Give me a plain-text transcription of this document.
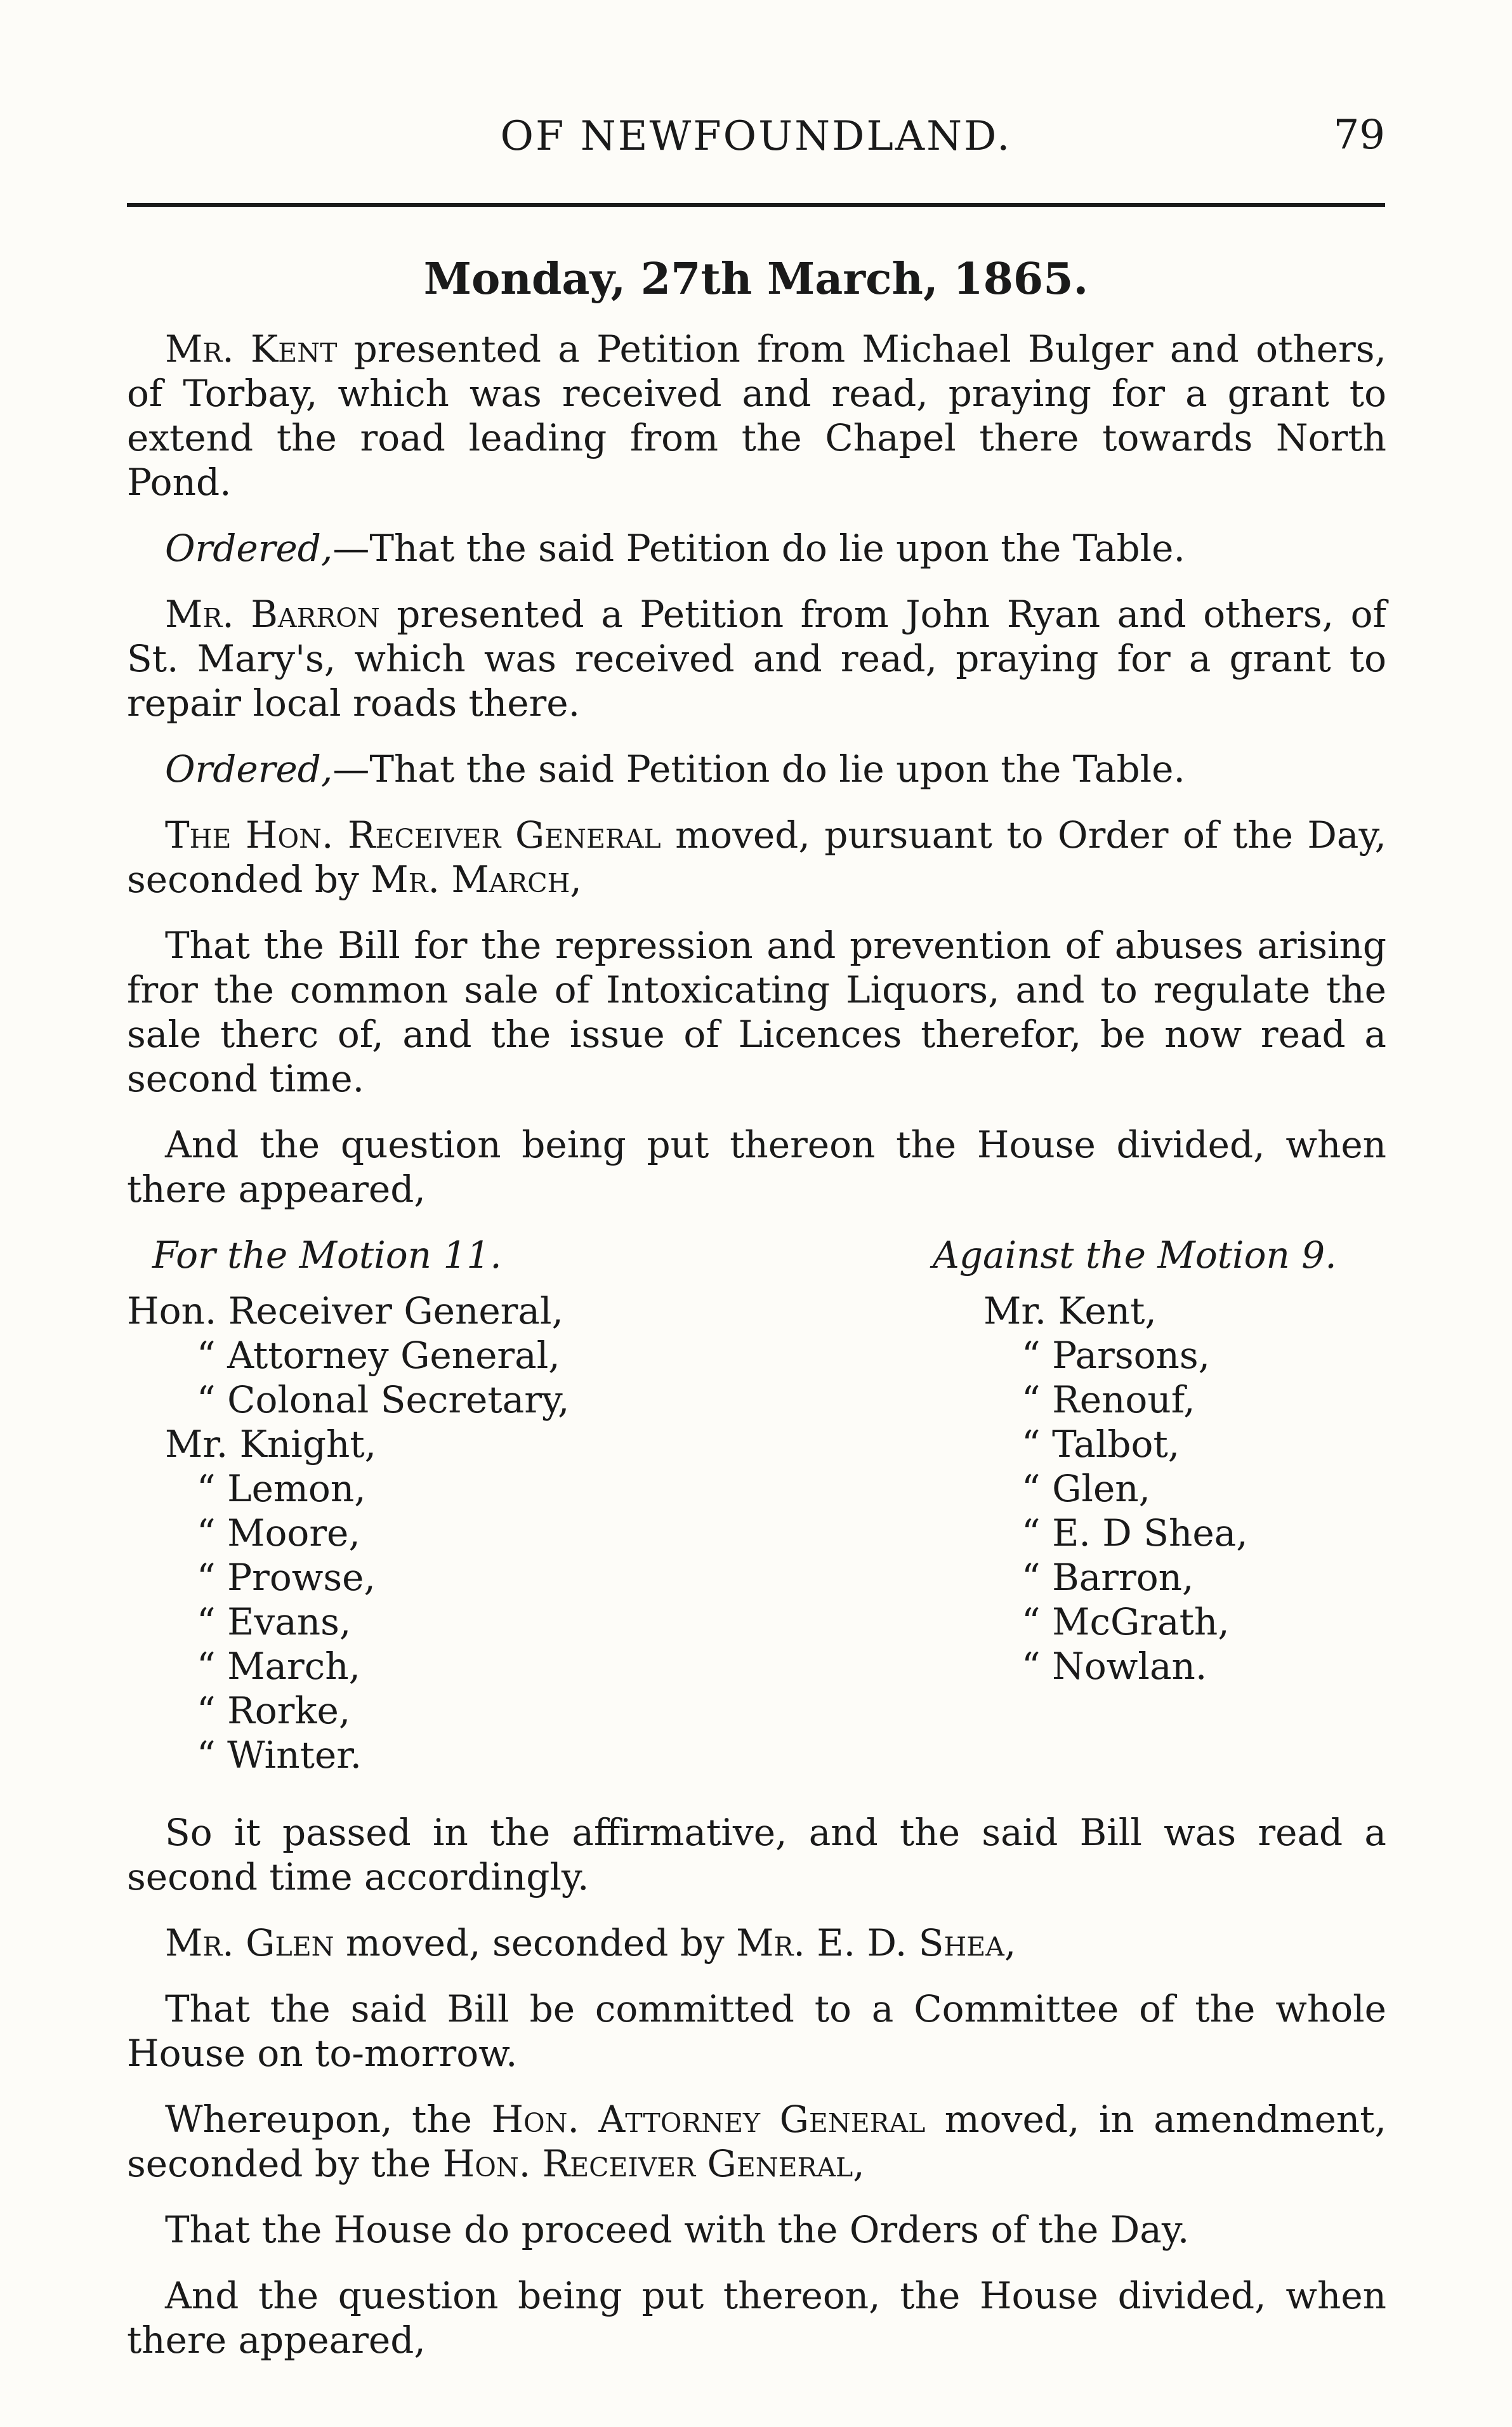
OF NEWFOUNDLAND.	79
Monday, 27th March, 1865.

Mr. Kent presented a Petition from Michael Bulger and others, of Torbay, which was received and read, praying for a grant to extend the road leading from the Chapel there towards North Pond.

Ordered,—That the said Petition do lie upon the Table.

Mr. Barron presented a Petition from John Ryan and others, of St. Mary's, which was received and read, praying for a grant to repair local roads there.

Ordered,—That the said Petition do lie upon the Table.

The Hon. Receiver General moved, pursuant to Order of the Day, seconded by Mr. March,

That the Bill for the repression and prevention of abuses arising fror the common sale of Intoxicating Liquors, and to regulate the sale therc of, and the issue of Licences therefor, be now read a second time.

And the question being put thereon the House divided, when there appeared,

For the Motion 11.
Hon. Receiver General,
“ Attorney General,
“ Colonal Secretary,
Mr. Knight,
“ Lemon,
“ Moore,
“ Prowse,
“ Evans,
“ March,
“ Rorke,
“ Winter.
Against the Motion 9.
Mr. Kent,
“ Parsons,
“ Renouf,
“ Talbot,
“ Glen,
“ E. D Shea,
“ Barron,
“ McGrath,
“ Nowlan.

So it passed in the affirmative, and the said Bill was read a second time accordingly.

Mr. Glen moved, seconded by Mr. E. D. Shea,

That the said Bill be committed to a Committee of the whole House on to-morrow.

Whereupon, the Hon. Attorney General moved, in amendment, seconded by the Hon. Receiver General,

That the House do proceed with the Orders of the Day.

And the question being put thereon, the House divided, when there appeared,
